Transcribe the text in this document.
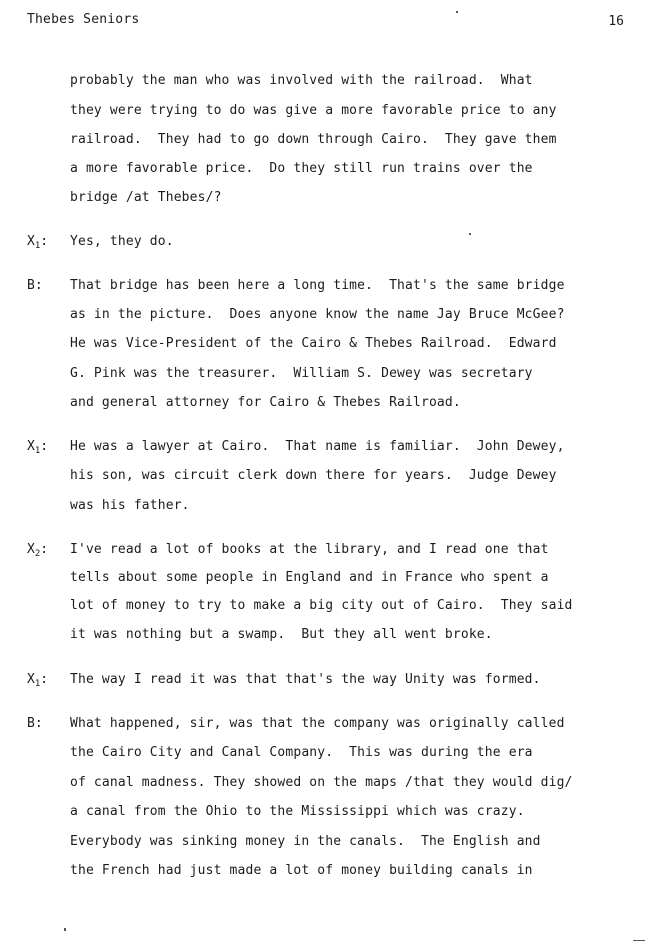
Thebes Seniors	16
probably the man who was involved with the railroad.  What
they were trying to do was give a more favorable price to any
railroad.  They had to go down through Cairo.  They gave them
a more favorable price.  Do they still run trains over the
bridge /at Thebes/?
$X_1$: Yes, they do.
B: That bridge has been here a long time.  That's the same bridge
as in the picture.  Does anyone know the name Jay Bruce McGee?
He was Vice-President of the Cairo & Thebes Railroad.  Edward
G. Pink was the treasurer.  William S. Dewey was secretary
and general attorney for Cairo & Thebes Railroad.
$X_1$: He was a lawyer at Cairo.  That name is familiar.  John Dewey,
his son, was circuit clerk down there for years.  Judge Dewey
was his father.
$X_2$: I've read a lot of books at the library, and I read one that
tells about some people in England and in France who spent a
lot of money to try to make a big city out of Cairo.  They said
it was nothing but a swamp.  But they all went broke.
$X_1$: The way I read it was that that's the way Unity was formed.
B: What happened, sir, was that the company was originally called
the Cairo City and Canal Company.  This was during the era
of canal madness. They showed on the maps /that they would dig/
a canal from the Ohio to the Mississippi which was crazy.
Everybody was sinking money in the canals.  The English and
the French had just made a lot of money building canals in
